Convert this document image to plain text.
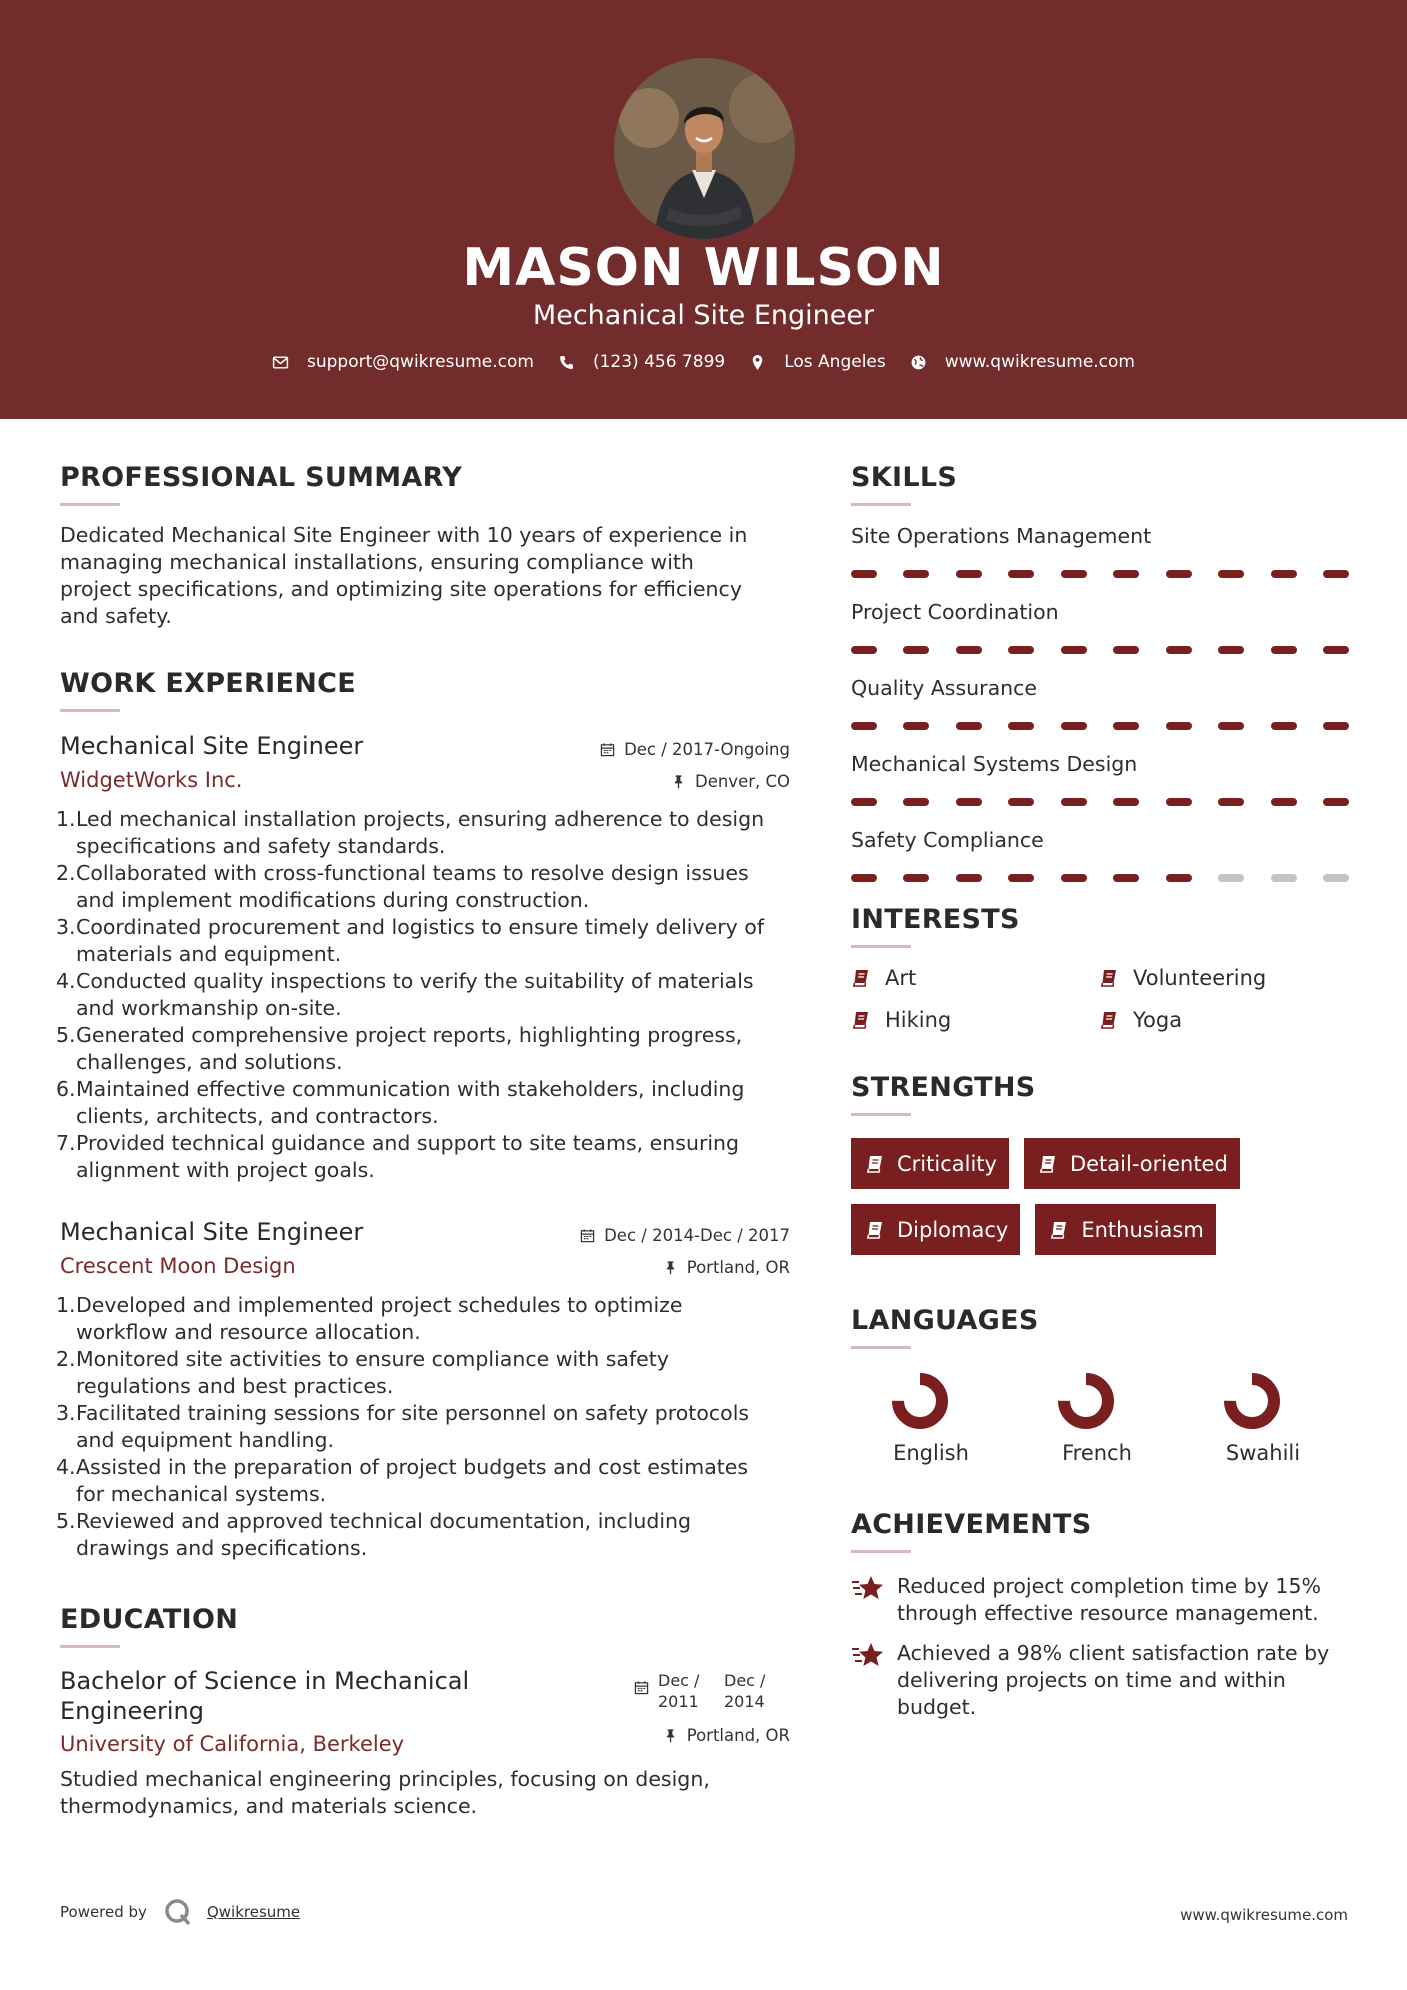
MASON WILSON
Mechanical Site Engineer
support@qwikresume.com	(123) 456 7899	Los Angeles	www.qwikresume.com
PROFESSIONAL SUMMARY
Dedicated Mechanical Site Engineer with 10 years of experience in
managing mechanical installations, ensuring compliance with
project specifications, and optimizing site operations for efficiency
and safety.
WORK EXPERIENCE
Mechanical Site Engineer
WidgetWorks Inc.
Dec / 2017-Ongoing
Denver, CO
1. Led mechanical installation projects, ensuring adherence to design
specifications and safety standards.
2. Collaborated with cross-functional teams to resolve design issues
and implement modifications during construction.
3. Coordinated procurement and logistics to ensure timely delivery of
materials and equipment.
4. Conducted quality inspections to verify the suitability of materials
and workmanship on-site.
5. Generated comprehensive project reports, highlighting progress,
challenges, and solutions.
6. Maintained effective communication with stakeholders, including
clients, architects, and contractors.
7. Provided technical guidance and support to site teams, ensuring
alignment with project goals.
Mechanical Site Engineer
Crescent Moon Design
Dec / 2014-Dec / 2017
Portland, OR
1. Developed and implemented project schedules to optimize
workflow and resource allocation.
2. Monitored site activities to ensure compliance with safety
regulations and best practices.
3. Facilitated training sessions for site personnel on safety protocols
and equipment handling.
4. Assisted in the preparation of project budgets and cost estimates
for mechanical systems.
5. Reviewed and approved technical documentation, including
drawings and specifications.
EDUCATION
Bachelor of Science in Mechanical
Engineering
University of California, Berkeley
Dec /
2011
Dec /
2014
Portland, OR
Studied mechanical engineering principles, focusing on design,
thermodynamics, and materials science.
SKILLS
Site Operations Management
Project Coordination
Quality Assurance
Mechanical Systems Design
Safety Compliance
INTERESTS
Art	Volunteering
Hiking	Yoga
STRENGTHS
Criticality	Detail-oriented
Diplomacy	Enthusiasm
LANGUAGES
English	French	Swahili
ACHIEVEMENTS
Reduced project completion time by 15%
through effective resource management.
Achieved a 98% client satisfaction rate by
delivering projects on time and within
budget.
Powered by	Qwikresume	www.qwikresume.com
